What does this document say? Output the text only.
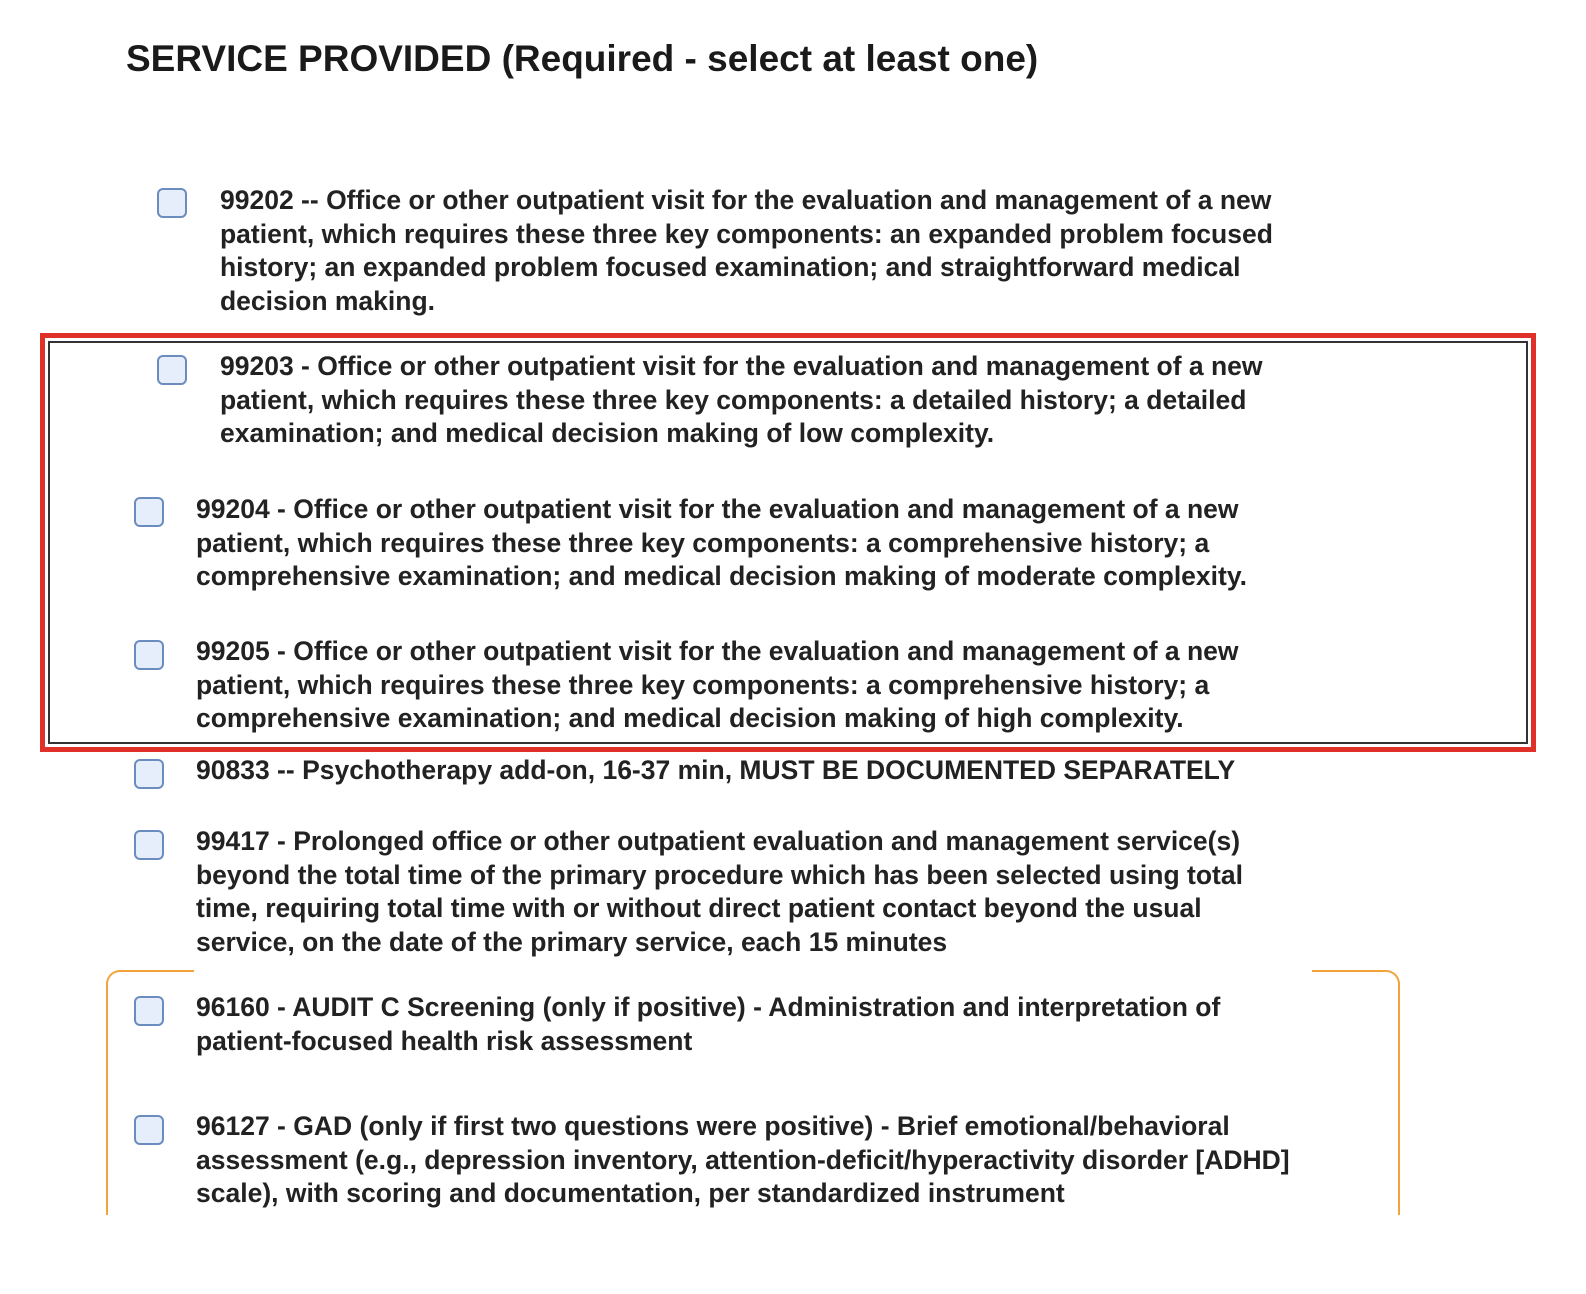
SERVICE PROVIDED (Required - select at least one)
99202 -- Office or other outpatient visit for the evaluation and management of a new
patient, which requires these three key components: an expanded problem focused
history; an expanded problem focused examination; and straightforward medical
decision making.
99203 - Office or other outpatient visit for the evaluation and management of a new
patient, which requires these three key components: a detailed history; a detailed
examination; and medical decision making of low complexity.
99204 - Office or other outpatient visit for the evaluation and management of a new
patient, which requires these three key components: a comprehensive history; a
comprehensive examination; and medical decision making of moderate complexity.
99205 - Office or other outpatient visit for the evaluation and management of a new
patient, which requires these three key components: a comprehensive history; a
comprehensive examination; and medical decision making of high complexity.
90833 -- Psychotherapy add-on, 16-37 min, MUST BE DOCUMENTED SEPARATELY
99417 - Prolonged office or other outpatient evaluation and management service(s)
beyond the total time of the primary procedure which has been selected using total
time, requiring total time with or without direct patient contact beyond the usual
service, on the date of the primary service, each 15 minutes
96160 - AUDIT C Screening (only if positive) - Administration and interpretation of
patient-focused health risk assessment
96127 - GAD (only if first two questions were positive) - Brief emotional/behavioral
assessment (e.g., depression inventory, attention-deficit/hyperactivity disorder [ADHD]
scale), with scoring and documentation, per standardized instrument
